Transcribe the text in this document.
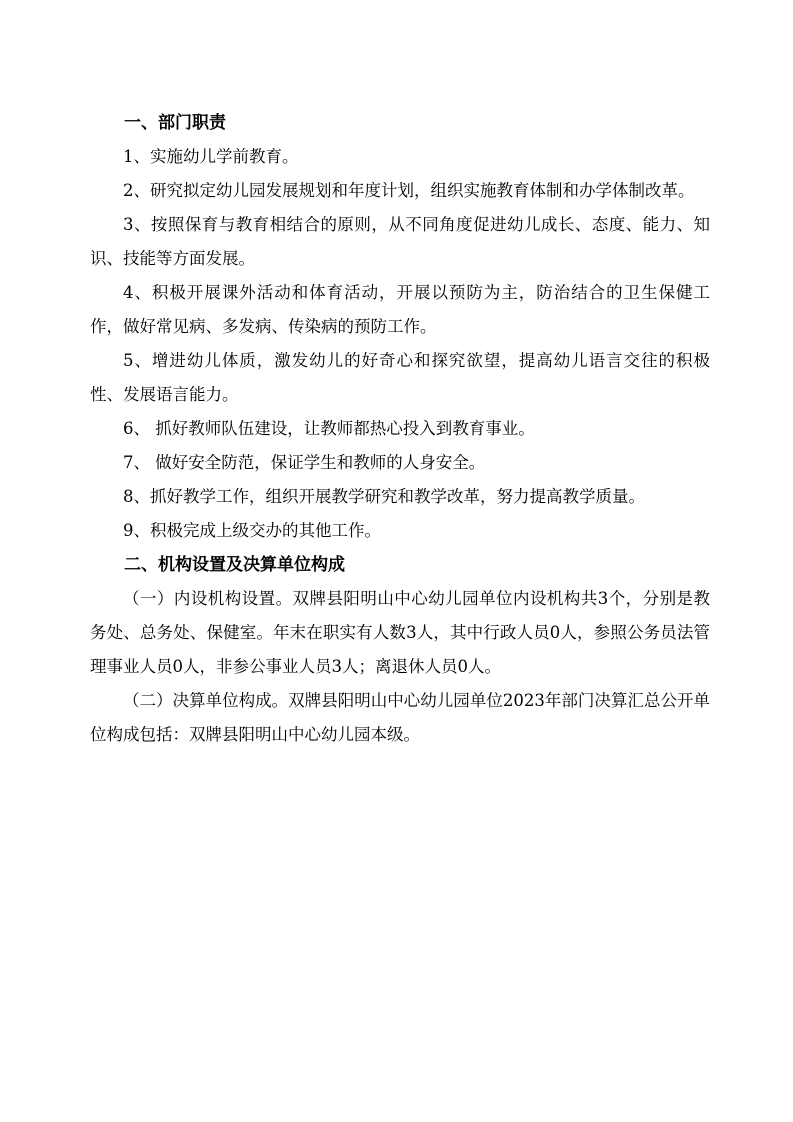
一、部门职责

1、实施幼儿学前教育。

2、研究拟定幼儿园发展规划和年度计划，组织实施教育体制和办学体制改革。

3、按照保育与教育相结合的原则，从不同角度促进幼儿成长、态度、能力、知识、技能等方面发展。

4、积极开展课外活动和体育活动，开展以预防为主，防治结合的卫生保健工作，做好常见病、多发病、传染病的预防工作。

5、增进幼儿体质，激发幼儿的好奇心和探究欲望，提高幼儿语言交往的积极性、发展语言能力。

6、 抓好教师队伍建设，让教师都热心投入到教育事业。

7、 做好安全防范，保证学生和教师的人身安全。

8、抓好教学工作，组织开展教学研究和教学改革，努力提高教学质量。

9、积极完成上级交办的其他工作。

二、机构设置及决算单位构成

（一）内设机构设置。双牌县阳明山中心幼儿园单位内设机构共3个，分别是教务处、总务处、保健室。年末在职实有人数3人，其中行政人员0人，参照公务员法管理事业人员0人，非参公事业人员3人；离退休人员0人。

（二）决算单位构成。双牌县阳明山中心幼儿园单位2023年部门决算汇总公开单位构成包括：双牌县阳明山中心幼儿园本级。
